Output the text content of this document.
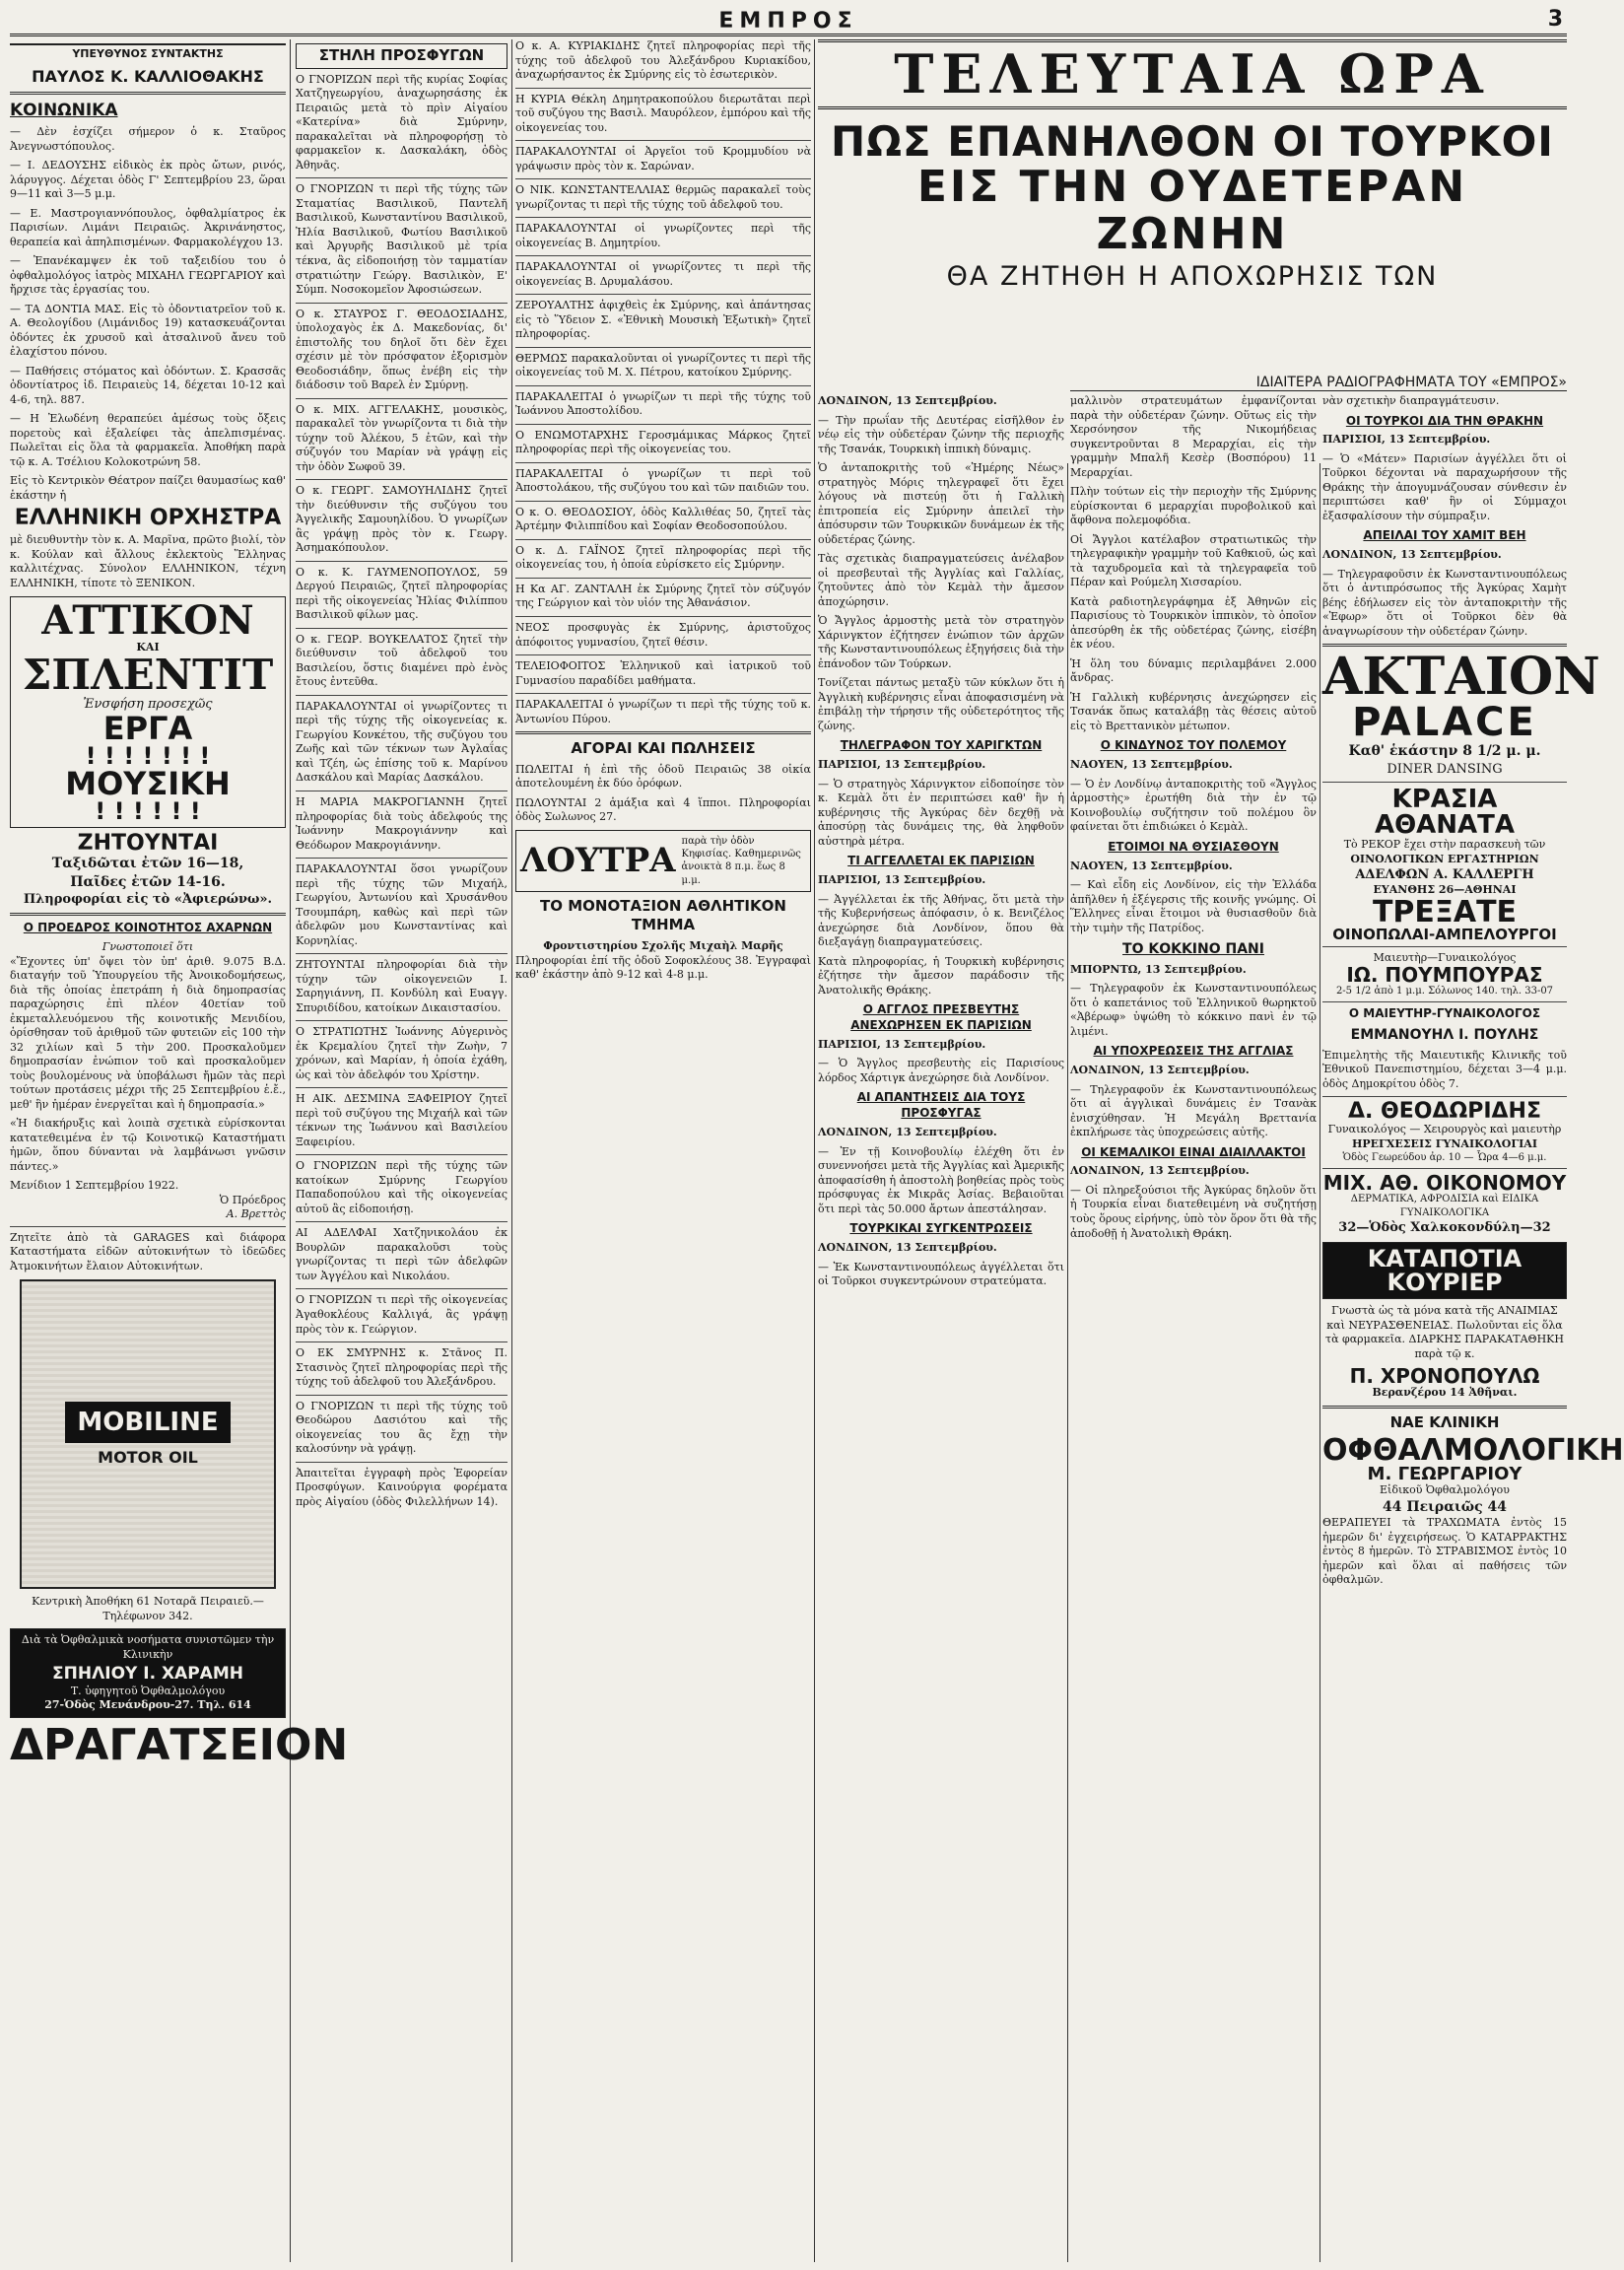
ΕΜΠΡΟΣ	3
ΥΠΕΥΘΥΝΟΣ ΣΥΝΤΑΚΤΗΣ
ΠΑΥΛΟΣ Κ. ΚΑΛΛΙΟΘΑΚΗΣ
ΚΟΙΝΩΝΙΚΑ

— Δὲν ἐσχίζει σήμερον ὁ κ. Σταῦρος Ἀνεγνωστόπουλος.

— Ι. ΔΕΔΟΥΣΗΣ εἰδικὸς ἐκ πρὸς ὤτων, ρινός, λάρυγγος. Δέχεται ὁδὸς Γ' Σεπτεμβρίου 23, ὥραι 9—11 καὶ 3—5 μ.μ.

— Ε. Μαστρογιαννόπουλος, ὀφθαλμίατρος ἐκ Παρισίων. Λιμάνι Πειραιῶς. Ἀκρινάνηστος, θεραπεία καὶ ἀπηλπισμένων. Φαρμακολέγχου 13.

— Ἐπανέκαμψεν ἐκ τοῦ ταξειδίου του ὁ ὀφθαλμολόγος ἰατρὸς ΜΙΧΑΗΛ ΓΕΩΡΓΑΡΙΟΥ καὶ ἤρχισε τὰς ἐργασίας του.

— ΤΑ ΔΟΝΤΙΑ ΜΑΣ. Εἰς τὸ ὀδοντιατρεῖον τοῦ κ. Α. Θεολογίδου (Λιμάνιδος 19) κατασκευάζονται ὀδόντες ἐκ χρυσοῦ καὶ ἀτσαλινοῦ ἄνευ τοῦ ἐλαχίστου πόνου.

— Παθήσεις στόματος καὶ ὀδόντων. Σ. Κρασσᾶς ὀδοντίατρος ἰδ. Πειραιεὺς 14, δέχεται 10-12 καὶ 4-6, τηλ. 887.

— Η Ἐλωδένη θεραπεύει ἀμέσως τοὺς ὄξεις πορετοὺς καὶ ἐξαλείφει τὰς ἀπελπισμένας. Πωλεῖται εἰς ὅλα τὰ φαρμακεῖα. Ἀποθήκη παρὰ τῷ κ. Α. Τσέλιου Κολοκοτρώνη 58.

Εἰς τὸ Κεντρικὸν Θέατρον παίζει θαυμασίως καθ' ἑκάστην ἡ

ΕΛΛΗΝΙΚΗ ΟΡΧΗΣΤΡΑ

μὲ διευθυντὴν τὸν κ. Α. Μαρῖνα, πρῶτο βιολί, τὸν κ. Κούλαν καὶ ἄλλους ἐκλεκτοὺς Ἕλληνας καλλιτέχνας. Σύνολον ΕΛΛΗΝΙΚΟΝ, τέχνη ΕΛΛΗΝΙΚΗ, τίποτε τὸ ΞΕΝΙΚΟΝ.

ΑΤΤΙΚΟΝ
ΚΑΙ
ΣΠΛΕΝΤΙΤ
Ἐνσφήση προσεχῶς
ΕΡΓΑ
! ! ! ! ! ! !
ΜΟΥΣΙΚΗ
! ! ! ! ! !
ΖΗΤΟΥΝΤΑΙ
Ταξιδῶται ἐτῶν 16—18,
Παῖδες ἐτῶν 14-16.
Πληροφορίαι εἰς τὸ «Ἀφιερώνω».
Ο ΠΡΟΕΔΡΟΣ ΚΟΙΝΟΤΗΤΟΣ ΑΧΑΡΝΩΝ
Γνωστοποιεῖ ὅτι

«Ἔχοντες ὑπ' ὄψει τὸν ὑπ' ἀριθ. 9.075 Β.Δ. διαταγήν τοῦ Ὑπουργείου τῆς Ἀνοικοδομήσεως, διὰ τῆς ὁποίας ἐπετράπη ἡ διὰ δημοπρασίας παραχώρησις ἐπὶ πλέον 40ετίαν τοῦ ἐκμεταλλευόμενου τῆς κοινοτικῆς Μενιδίου, ὁρίσθησαν τοῦ ἀριθμοῦ τῶν φυτειῶν εἰς 100 τὴν 32 χιλίων καὶ 5 τὴν 200. Προσκαλοῦμεν δημοπρασίαν ἐνώπιον τοῦ καὶ προσκαλοῦμεν τοὺς βουλομένους νὰ ὑποβάλωσι ἤμῶν τὰς περὶ τούτων προτάσεις μέχρι τῆς 25 Σεπτεμβρίου ἑ.ἔ., μεθ' ἣν ἡμέραν ἐνεργεῖται καὶ ἡ δημοπρασία.»

«Ἡ διακήρυξις καὶ λοιπὰ σχετικὰ εὑρίσκονται κατατεθειμένα ἐν τῷ Κοινοτικῷ Καταστήματι ἡμῶν, ὅπου δύνανται νὰ λαμβάνωσι γνῶσιν πάντες.»

Μενίδιον 1 Σεπτεμβρίου 1922.
Ὁ Πρόεδρος
Α. Βρεττὸς

Ζητεῖτε ἀπὸ τὰ GARAGES καὶ διάφορα Καταστήματα εἰδῶν αὐτοκινήτων τὸ ἰδεῶδες Ἀτμοκινήτων ἔλαιον Αὐτοκινήτων.

MOBILINE
MOTOR OIL

Κεντρικὴ Ἀποθήκη 61 Νοταρᾶ Πειραιεῦ.—Τηλέφωνον 342.

Διὰ τὰ Ὀφθαλμικὰ νοσήματα συνιστῶμεν τὴν Κλινικὴν
ΣΠΗΛΙΟΥ Ι. ΧΑΡΑΜΗ
Τ. ὑφηγητοῦ Ὀφθαλμολόγου
27-Ὁδὸς Μενάνδρου-27. Τηλ. 614
ΔΡΑΓΑΤΣΕΙΟΝ
ΣΤΗΛΗ ΠΡΟΣΦΥΓΩΝ

Ο ΓΝΟΡΙΖΩΝ περὶ τῆς κυρίας Σοφίας Χατζηγεωργίου, ἀναχωρησάσης ἐκ Πειραιῶς μετὰ τὸ πρὶν Αἰγαίου «Κατερίνα» διὰ Σμύρνην, παρακαλεῖται νὰ πληροφορήσῃ τὸ φαρμακεῖον κ. Δασκαλάκη, ὁδὸς Ἀθηνᾶς.

Ο ΓΝΟΡΙΖΩΝ τι περὶ τῆς τύχης τῶν Σταματίας Βασιλικοῦ, Παντελῆ Βασιλικοῦ, Κωνσταντίνου Βασιλικοῦ, Ἠλία Βασιλικοῦ, Φωτίου Βασιλικοῦ καὶ Ἀργυρῆς Βασιλικοῦ μὲ τρία τέκνα, ἂς εἰδοποιήσῃ τὸν ταμματίαν στρατιώτην Γεώργ. Βασιλικὸν, Ε' Σύμπ. Νοσοκομεῖον Ἀφοσιώσεων.

Ο κ. ΣΤΑΥΡΟΣ Γ. ΘΕΟΔΟΣΙΑΔΗΣ, ὑπολοχαγὸς ἐκ Δ. Μακεδονίας, δι' ἐπιστολῆς του δηλοῖ ὅτι δὲν ἔχει σχέσιν μὲ τὸν πρόσφατον ἐξορισμὸν Θεοδοσιάδην, ὅπως ἐνέβη εἰς τὴν διάδοσιν τοῦ Βαρελ ἐν Σμύρνῃ.

Ο κ. ΜΙΧ. ΑΓΓΕΛΑΚΗΣ, μουσικὸς, παρακαλεῖ τὸν γνωρίζοντα τι διὰ τὴν τύχην τοῦ Ἀλέκου, 5 ἐτῶν, καὶ τὴν σύζυγόν του Μαρίαν νὰ γράψῃ εἰς τὴν ὁδὸν Σωφοῦ 39.

Ο κ. ΓΕΩΡΓ. ΣΑΜΟΥΗΛΙΔΗΣ ζητεῖ τὴν διεύθυνσιν τῆς συζύγου του Ἀγγελικῆς Σαμουηλίδου. Ὁ γνωρίζων ἂς γράψῃ πρὸς τὸν κ. Γεωργ. Ἀσημακόπουλον.

Ο κ. Κ. ΓΑΥΜΕΝΟΠΟΥΛΟΣ, 59 Δεργού Πειραιῶς, ζητεῖ πληροφορίας περὶ τῆς οἰκογενείας Ἠλίας Φιλίππου Βασιλικοῦ φίλων μας.

Ο κ. ΓΕΩΡ. ΒΟΥΚΕΛΑΤΟΣ ζητεῖ τὴν διεύθυνσιν τοῦ ἀδελφοῦ του Βασιλείου, ὅστις διαμένει πρὸ ἐνὸς ἔτους ἐντεῦθα.

ΠΑΡΑΚΑΛΟΥΝΤΑΙ οἱ γνωρίζοντες τι περὶ τῆς τύχης τῆς οἰκογενείας κ. Γεωργίου Κονκέτου, τῆς συζύγου του Ζωῆς καὶ τῶν τέκνων των Ἀγλαΐας καὶ Τζέη, ὡς ἐπίσης τοῦ κ. Μαρίνου Δασκάλου καὶ Μαρίας Δασκάλου.

Η ΜΑΡΙΑ ΜΑΚΡΟΓΙΑΝΝΗ ζητεῖ πληροφορίας διὰ τοὺς ἀδελφούς της Ἰωάννην Μακρογιάννην καὶ Θεόδωρον Μακρογιάννην.

ΠΑΡΑΚΑΛΟΥΝΤΑΙ ὅσοι γνωρίζουν περὶ τῆς τύχης τῶν Μιχαήλ, Γεωργίου, Ἀντωνίου καὶ Χρυσάνθου Τσουμπάρη, καθὼς καὶ περὶ τῶν ἀδελφῶν μου Κωνσταντίνας καὶ Κορνηλίας.

ΖΗΤΟΥΝΤΑΙ πληροφορίαι διὰ τὴν τύχην τῶν οἰκογενειῶν Ι. Σαρηγιάννη, Π. Κονδύλη καὶ Ευαγγ. Σπυριδίδου, κατοίκων Δικαιστασίου.

Ο ΣΤΡΑΤΙΩΤΗΣ Ἰωάννης Αὐγερινὸς ἐκ Κρεμαλίου ζητεῖ τὴν Ζωὴν, 7 χρόνων, καὶ Μαρίαν, ἡ ὁποία ἐχάθη, ὡς καὶ τὸν ἀδελφόν του Χρίστην.

Η ΑΙΚ. ΔΕΣΜΙΝΑ ΞΑΦΕΙΡΙΟΥ ζητεῖ περὶ τοῦ συζύγου της Μιχαήλ καὶ τῶν τέκνων της Ἰωάννου καὶ Βασιλείου Ξαφειρίου.

Ο ΓΝΟΡΙΖΩΝ περὶ τῆς τύχης τῶν κατοίκων Σμύρνης Γεωργίου Παπαδοπούλου καὶ τῆς οἰκογενείας αὐτοῦ ἂς εἰδοποιήσῃ.

ΑΙ ΑΔΕΛΦΑΙ Χατζηνικολάου ἐκ Βουρλῶν παρακαλοῦσι τοὺς γνωρίζοντας τι περὶ τῶν ἀδελφῶν των Ἀγγέλου καὶ Νικολάου.

Ο ΓΝΟΡΙΖΩΝ τι περὶ τῆς οἰκογενείας Ἀγαθοκλέους Καλλιγά, ἂς γράψῃ πρὸς τὸν κ. Γεώργιον.

Ο ΕΚ ΣΜΥΡΝΗΣ κ. Στᾶνος Π. Στασινὸς ζητεῖ πληροφορίας περὶ τῆς τύχης τοῦ ἀδελφοῦ του Ἀλεξάνδρου.

Ο ΓΝΟΡΙΖΩΝ τι περὶ τῆς τύχης τοῦ Θεοδώρου Δασιότου καὶ τῆς οἰκογενείας του ἂς ἔχῃ τὴν καλοσύνην νὰ γράψῃ.

Ἀπαιτεῖται ἐγγραφὴ πρὸς Ἐφορείαν Προσφύγων. Καινούργια φορέματα πρὸς Αἰγαίου (ὁδὸς Φιλελλήνων 14).

Ο κ. Α. ΚΥΡΙΑΚΙΔΗΣ ζητεῖ πληροφορίας περὶ τῆς τύχης τοῦ ἀδελφοῦ του Ἀλεξάνδρου Κυριακίδου, ἀναχωρήσαντος ἐκ Σμύρνης εἰς τὸ ἐσωτερικὸν.

Η ΚΥΡΙΑ Θέκλη Δημητρακοπούλου διερωτᾶται περὶ τοῦ συζύγου της Βασιλ. Μαυρόλεον, ἐμπόρου καὶ τῆς οἰκογενείας του.

ΠΑΡΑΚΑΛΟΥΝΤΑΙ οἱ Ἀργεῖοι τοῦ Κρομμυδίου νὰ γράψωσιν πρὸς τὸν κ. Σαρώναν.

Ο ΝΙΚ. ΚΩΝΣΤΑΝΤΕΛΛΙΑΣ θερμῶς παρακαλεῖ τοὺς γνωρίζοντας τι περὶ τῆς τύχης τοῦ ἀδελφοῦ του.

ΠΑΡΑΚΑΛΟΥΝΤΑΙ οἱ γνωρίζοντες περὶ τῆς οἰκογενείας Β. Δημητρίου.

ΠΑΡΑΚΑΛΟΥΝΤΑΙ οἱ γνωρίζοντες τι περὶ τῆς οἰκογενείας Β. Δρυμαλάσου.

ΖΕΡΟΥΑΛΤΗΣ ἀφιχθεὶς ἐκ Σμύρνης, καὶ ἀπάντησας εἰς τὸ Ὕδειον Σ. «Ἐθνικὴ Μουσικὴ Ἐξωτικὴ» ζητεῖ πληροφορίας.

ΘΕΡΜΩΣ παρακαλοῦνται οἱ γνωρίζοντες τι περὶ τῆς οἰκογενείας τοῦ Μ. Χ. Πέτρου, κατοίκου Σμύρνης.

ΠΑΡΑΚΑΛΕΙΤΑΙ ὁ γνωρίζων τι περὶ τῆς τύχης τοῦ Ἰωάννου Ἀποστολίδου.

Ο ΕΝΩΜΟΤΑΡΧΗΣ Γεροσμάμικας Μάρκος ζητεῖ πληροφορίας περὶ τῆς οἰκογενείας του.

ΠΑΡΑΚΑΛΕΙΤΑΙ ὁ γνωρίζων τι περὶ τοῦ Ἀποστολάκου, τῆς συζύγου του καὶ τῶν παιδιῶν του.

Ο κ. Ο. ΘΕΟΔΟΣΙΟΥ, ὁδὸς Καλλιθέας 50, ζητεῖ τὰς Ἀρτέμην Φιλιππίδου καὶ Σοφίαν Θεοδοσοπούλου.

Ο κ. Δ. ΓΑΪΝΟΣ ζητεῖ πληροφορίας περὶ τῆς οἰκογενείας του, ἡ ὁποία εὑρίσκετο εἰς Σμύρνην.

Η Κα ΑΓ. ΖΑΝΤΑΛΗ ἐκ Σμύρνης ζητεῖ τὸν σύζυγόν της Γεώργιον καὶ τὸν υἱόν της Ἀθανάσιον.

ΝΕΟΣ προσφυγὰς ἐκ Σμύρνης, ἀριστοῦχος ἀπόφοιτος γυμνασίου, ζητεῖ θέσιν.

ΤΕΛΕΙΟΦΟΙΤΟΣ Ἑλληνικοῦ καὶ ἰατρικοῦ τοῦ Γυμνασίου παραδίδει μαθήματα.

ΠΑΡΑΚΑΛΕΙΤΑΙ ὁ γνωρίζων τι περὶ τῆς τύχης τοῦ κ. Ἀντωνίου Πύρου.

ΑΓΟΡΑΙ ΚΑΙ ΠΩΛΗΣΕΙΣ

ΠΩΛΕΙΤΑΙ ἡ ἐπὶ τῆς ὁδοῦ Πειραιῶς 38 οἰκία ἀποτελουμένη ἐκ δύο ὀρόφων.

ΠΩΛΟΥΝΤΑΙ 2 ἁμάξια καὶ 4 ἵπποι. Πληροφορίαι ὁδὸς Σωλωνος 27.

ΛΟΥΤΡΑ παρὰ τὴν ὁδὸν Κηφισίας. Καθημερινῶς ἀνοικτὰ 8 π.μ. ἕως 8 μ.μ.
ΤΟ ΜΟΝΟΤΑΞΙΟΝ ΑΘΛΗΤΙΚΟΝ ΤΜΗΜΑ
Φροντιστηρίου Σχολῆς Μιχαὴλ Μαρῆς

Πληροφορίαι ἐπί τῆς ὁδοῦ Σοφοκλέους 38. Ἐγγραφαὶ καθ' ἑκάστην ἀπὸ 9-12 καὶ 4-8 μ.μ.

ΤΕΛΕΥΤΑΙΑ ΩΡΑ
ΠΩΣ ΕΠΑΝΗΛΘΟΝ ΟΙ ΤΟΥΡΚΟΙ
ΕΙΣ ΤΗΝ ΟΥΔΕΤΕΡΑΝ ΖΩΝΗΝ
ΘΑ ΖΗΤΗΘΗ Η ΑΠΟΧΩΡΗΣΙΣ ΤΩΝ
ΙΔΙΑΙΤΕΡΑ ΡΑΔΙΟΓΡΑΦΗΜΑΤΑ ΤΟΥ «ΕΜΠΡΟΣ»

ΛΟΝΔΙΝΟΝ, 13 Σεπτεμβρίου.

— Τὴν πρωΐαν τῆς Δευτέρας εἰσῆλθον ἐν νέῳ εἰς τὴν οὐδετέραν ζώνην τῆς περιοχῆς τῆς Τσανάκ, Τουρκικὴ ἱππικὴ δύναμις.

Ὁ ἀνταποκριτὴς τοῦ «Ἠμέρης Νέως» στρατηγὸς Μόρις τηλεγραφεῖ ὅτι ἔχει λόγους νὰ πιστεύῃ ὅτι ἡ Γαλλικὴ ἐπιτροπεία εἰς Σμύρνην ἀπειλεῖ τὴν ἀπόσυρσιν τῶν Τουρκικῶν δυνάμεων ἐκ τῆς οὐδετέρας ζώνης.

Τὰς σχετικὰς διαπραγματεύσεις ἀνέλαβον οἱ πρεσβευταὶ τῆς Ἀγγλίας καὶ Γαλλίας, ζητοῦντες ἀπὸ τὸν Κεμὰλ τὴν ἄμεσον ἀποχώρησιν.

Ὁ Ἄγγλος ἀρμοστὴς μετὰ τὸν στρατηγὸν Χάρινγκτον ἐζήτησεν ἐνώπιον τῶν ἀρχῶν τῆς Κωνσταντινουπόλεως ἐξηγήσεις διὰ τὴν ἐπάνοδον τῶν Τούρκων.

Τονίζεται πάντως μεταξὺ τῶν κύκλων ὅτι ἡ Ἀγγλικὴ κυβέρνησις εἶναι ἀποφασισμένη νὰ ἐπιβάλῃ τὴν τήρησιν τῆς οὐδετερότητος τῆς ζώνης.

ΤΗΛΕΓΡΑΦΟΝ ΤΟΥ ΧΑΡΙΓΚΤΩΝ

ΠΑΡΙΣΙΟΙ, 13 Σεπτεμβρίου.

— Ὁ στρατηγὸς Χάρινγκτον εἰδοποίησε τὸν κ. Κεμὰλ ὅτι ἐν περιπτώσει καθ' ἣν ἡ κυβέρνησις τῆς Ἀγκύρας δὲν δεχθῇ νὰ ἀποσύρῃ τὰς δυνάμεις της, θὰ ληφθοῦν αὐστηρὰ μέτρα.

ΤΙ ΑΓΓΕΛΛΕΤΑΙ ΕΚ ΠΑΡΙΣΙΩΝ

ΠΑΡΙΣΙΟΙ, 13 Σεπτεμβρίου.

— Ἀγγέλλεται ἐκ τῆς Ἀθήνας, ὅτι μετὰ τὴν τῆς Κυβερνήσεως ἀπόφασιν, ὁ κ. Βενιζέλος ἀνεχώρησε διὰ Λονδίνον, ὅπου θὰ διεξαγάγῃ διαπραγματεύσεις.

Κατὰ πληροφορίας, ἡ Τουρκικὴ κυβέρνησις ἐζήτησε τὴν ἄμεσον παράδοσιν τῆς Ἀνατολικῆς Θράκης.

Ο ΑΓΓΛΟΣ ΠΡΕΣΒΕΥΤΗΣ ΑΝΕΧΩΡΗΣΕΝ ΕΚ ΠΑΡΙΣΙΩΝ

ΠΑΡΙΣΙΟΙ, 13 Σεπτεμβρίου.

— Ὁ Ἄγγλος πρεσβευτὴς εἰς Παρισίους λόρδος Χάρτιγκ ἀνεχώρησε διὰ Λονδίνον.

ΑΙ ΑΠΑΝΤΗΣΕΙΣ ΔΙΑ ΤΟΥΣ ΠΡΟΣΦΥΓΑΣ

ΛΟΝΔΙΝΟΝ, 13 Σεπτεμβρίου.

— Ἐν τῇ Κοινοβουλίῳ ἐλέχθη ὅτι ἐν συνεννοήσει μετὰ τῆς Ἀγγλίας καὶ Ἀμερικῆς ἀποφασίσθη ἡ ἀποστολὴ βοηθείας πρὸς τοὺς πρόσφυγας ἐκ Μικρᾶς Ἀσίας. Βεβαιοῦται ὅτι περὶ τὰς 50.000 ἄρτων ἀπεστάλησαν.

ΤΟΥΡΚΙΚΑΙ ΣΥΓΚΕΝΤΡΩΣΕΙΣ

ΛΟΝΔΙΝΟΝ, 13 Σεπτεμβρίου.

— Ἐκ Κωνσταντινουπόλεως ἀγγέλλεται ὅτι οἱ Τοῦρκοι συγκεντρώνουν στρατεύματα.

μαλλινὸν στρατευμάτων ἐμφανίζονται παρὰ τὴν οὐδετέραν ζώνην. Οὕτως εἰς τὴν Χερσόνησον τῆς Νικομήδειας συγκεντροῦνται 8 Μεραρχίαι, εἰς τὴν γραμμὴν Μπαλῆ Κεσὲρ (Βοσπόρου) 11 Μεραρχίαι.

Πλὴν τούτων εἰς τὴν περιοχὴν τῆς Σμύρνης εὑρίσκονται 6 μεραρχίαι πυροβολικοῦ καὶ ἄφθονα πολεμοφόδια.

Οἱ Ἄγγλοι κατέλαβον στρατιωτικῶς τὴν τηλεγραφικὴν γραμμὴν τοῦ Καθκιοῦ, ὡς καὶ τὰ ταχυδρομεῖα καὶ τὰ τηλεγραφεῖα τοῦ Πέραν καὶ Ρούμελη Χισσαρίου.

Κατὰ ραδιοτηλεγράφημα ἐξ Ἀθηνῶν εἰς Παρισίους τὸ Τουρκικὸν ἱππικὸν, τὸ ὁποῖον ἀπεσύρθη ἐκ τῆς οὐδετέρας ζώνης, εἰσέβη ἐκ νέου.

Ἡ ὅλη του δύναμις περιλαμβάνει 2.000 ἄνδρας.

Ἡ Γαλλικὴ κυβέρνησις ἀνεχώρησεν εἰς Τσανάκ ὅπως καταλάβῃ τὰς θέσεις αὐτοῦ εἰς τὸ Βρεττανικὸν μέτωπον.

Ο ΚΙΝΔΥΝΟΣ ΤΟΥ ΠΟΛΕΜΟΥ

ΝΑΟΥΕΝ, 13 Σεπτεμβρίου.

— Ὁ ἐν Λονδίνῳ ἀνταποκριτὴς τοῦ «Ἄγγλος ἀρμοστὴς» ἐρωτήθη διὰ τὴν ἐν τῷ Κοινοβουλίῳ συζήτησιν τοῦ πολέμου ὃν φαίνεται ὅτι ἐπιδιώκει ὁ Κεμὰλ.

ΕΤΟΙΜΟΙ ΝΑ ΘΥΣΙΑΣΘΟΥΝ

ΝΑΟΥΕΝ, 13 Σεπτεμβρίου.

— Καὶ εἶδη εἰς Λονδίνον, εἰς τὴν Ἑλλάδα ἀπῆλθεν ἡ ἐξέγερσις τῆς κοινῆς γνώμης. Οἱ Ἕλληνες εἶναι ἕτοιμοι νὰ θυσιασθοῦν διὰ τὴν τιμὴν τῆς Πατρίδος.

ΤΟ ΚΟΚΚΙΝΟ ΠΑΝΙ

ΜΠΟΡΝΤΩ, 13 Σεπτεμβρίου.

— Τηλεγραφοῦν ἐκ Κωνσταντινουπόλεως ὅτι ὁ καπετάνιος τοῦ Ἑλληνικοῦ θωρηκτοῦ «Ἀβέρωφ» ὑψώθη τὸ κόκκινο πανὶ ἐν τῷ λιμένι.

ΑΙ ΥΠΟΧΡΕΩΣΕΙΣ ΤΗΣ ΑΓΓΛΙΑΣ

ΛΟΝΔΙΝΟΝ, 13 Σεπτεμβρίου.

— Τηλεγραφοῦν ἐκ Κωνσταντινουπόλεως ὅτι αἱ ἀγγλικαὶ δυνάμεις ἐν Τσανὰκ ἐνισχύθησαν. Ἡ Μεγάλη Βρεττανία ἐκπλήρωσε τὰς ὑποχρεώσεις αὐτῆς.

ΟΙ ΚΕΜΑΛΙΚΟΙ ΕΙΝΑΙ ΔΙΑΙΛΛΑΚΤΟΙ

ΛΟΝΔΙΝΟΝ, 13 Σεπτεμβρίου.

— Οἱ πληρεξούσιοι τῆς Ἀγκύρας δηλοῦν ὅτι ἡ Τουρκία εἶναι διατεθειμένη νὰ συζητήσῃ τοὺς ὅρους εἰρήνης, ὑπὸ τὸν ὅρον ὅτι θὰ τῆς ἀποδοθῇ ἡ Ἀνατολικὴ Θράκη.

νὰν σχετικὴν διαπραγμάτευσιν.

ΟΙ ΤΟΥΡΚΟΙ ΔΙΑ ΤΗΝ ΘΡΑΚΗΝ

ΠΑΡΙΣΙΟΙ, 13 Σεπτεμβρίου.

— Ὁ «Μάτεν» Παρισίων ἀγγέλλει ὅτι οἱ Τοῦρκοι δέχονται νὰ παραχωρήσουν τῆς Θράκης τὴν ἀπογυμνάζουσαν σύνθεσιν ἐν περιπτώσει καθ' ἣν οἱ Σύμμαχοι ἐξασφαλίσουν τὴν σύμπραξιν.

ΑΠΕΙΛΑΙ ΤΟΥ ΧΑΜΙΤ ΒΕΗ

ΛΟΝΔΙΝΟΝ, 13 Σεπτεμβρίου.

— Τηλεγραφοῦσιν ἐκ Κωνσταντινουπόλεως ὅτι ὁ ἀντιπρόσωπος τῆς Ἀγκύρας Χαμὴτ βέης ἐδήλωσεν εἰς τὸν ἀνταποκριτὴν τῆς «Ἐφωρ» ὅτι οἱ Τοῦρκοι δὲν θὰ ἀναγνωρίσουν τὴν οὐδετέραν ζώνην.

ΑΚΤΑΙΟΝ
PALACE
Καθ' ἑκάστην 8 1/2 μ. μ.
DINER DANSING
ΚΡΑΣΙΑ ΑΘΑΝΑΤΑ
Τὸ ΡΕΚΟΡ ἔχει στὴν παρασκευὴ τῶν
ΟΙΝΟΛΟΓΙΚΩΝ ΕΡΓΑΣΤΗΡΙΩΝ
ΑΔΕΛΦΩΝ Α. ΚΑΛΛΕΡΓΗ
ΕΥΑΝΘΗΣ 26—ΑΘΗΝΑΙ
ΤΡΕΞΑΤΕ
ΟΙΝΟΠΩΛΑΙ-ΑΜΠΕΛΟΥΡΓΟΙ
Μαιευτὴρ—Γυναικολόγος
ΙΩ. ΠΟΥΜΠΟΥΡΑΣ
2-5 1/2 ἀπὸ 1 μ.μ. Σόλωνος 140. τηλ. 33-07
Ο ΜΑΙΕΥΤΗΡ-ΓΥΝΑΙΚΟΛΟΓΟΣ
ΕΜΜΑΝΟΥΗΛ Ι. ΠΟΥΛΗΣ

Ἐπιμελητὴς τῆς Μαιευτικῆς Κλινικῆς τοῦ Ἐθνικοῦ Πανεπιστημίου, δέχεται 3—4 μ.μ. ὁδὸς Δημοκρίτου ὁδὸς 7.

Δ. ΘΕΟΔΩΡΙΔΗΣ
Γυναικολόγος — Χειρουργὸς καὶ μαιευτὴρ
ΗΡΕΓΧΕΣΕΙΣ ΓΥΝΑΙΚΟΛΟΓΙΑΙ
Ὁδὸς Γεωρεύδου ἀρ. 10 — Ὧρα 4—6 μ.μ.
ΜΙΧ. ΑΘ. ΟΙΚΟΝΟΜΟΥ
ΔΕΡΜΑΤΙΚΑ, ΑΦΡΟΔΙΣΙΑ καὶ ΕΙΔΙΚΑ ΓΥΝΑΙΚΟΛΟΓΙΚΑ
32—Ὁδὸς Χαλκοκονδύλη—32
ΚΑΤΑΠΟΤΙΑ ΚΟΥΡΙΕΡ

Γνωστὰ ὡς τὰ μόνα κατὰ τῆς ΑΝΑΙΜΙΑΣ καὶ ΝΕΥΡΑΣΘΕΝΕΙΑΣ. Πωλοῦνται εἰς ὅλα τὰ φαρμακεῖα. ΔΙΑΡΚΗΣ ΠΑΡΑΚΑΤΑΘΗΚΗ παρὰ τῷ κ.

Π. ΧΡΟΝΟΠΟΥΛΩ
Βερανζέρου 14 Ἀθῆναι.
ΝΑΕ ΚΛΙΝΙΚΗ
ΟΦΘΑΛΜΟΛΟΓΙΚΗ
Μ. ΓΕΩΡΓΑΡΙΟΥ
Εἰδικοῦ Ὀφθαλμολόγου
44 Πειραιῶς 44

ΘΕΡΑΠΕΥΕΙ τὰ ΤΡΑΧΩΜΑΤΑ ἐντὸς 15 ἡμερῶν δι' ἐγχειρήσεως. Ὁ ΚΑΤΑΡΡΑΚΤΗΣ ἐντὸς 8 ἡμερῶν. Τὸ ΣΤΡΑΒΙΣΜΟΣ ἐντὸς 10 ἡμερῶν καὶ ὅλαι αἱ παθήσεις τῶν ὀφθαλμῶν.
